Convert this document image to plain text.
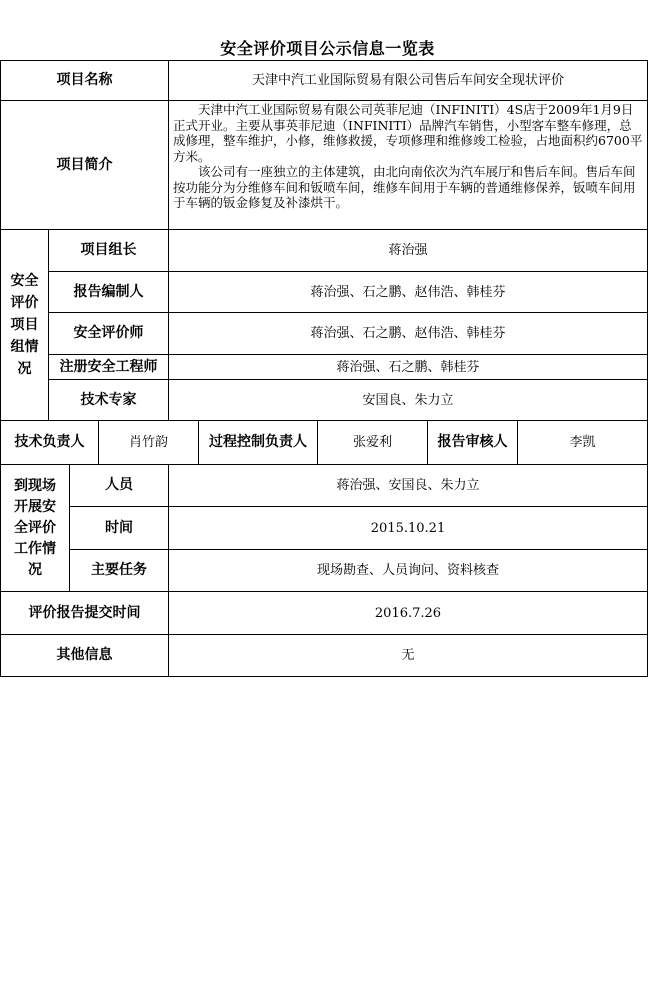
安全评价项目公示信息一览表
项目名称	天津中汽工业国际贸易有限公司售后车间安全现状评价
项目简介

天津中汽工业国际贸易有限公司英菲尼迪（INFINITI）4S店于2009年1月9日正式开业。主要从事英菲尼迪（INFINITI）品牌汽车销售，小型客车整车修理，总成修理，整车维护，小修，维修救援，专项修理和维修竣工检验，占地面积约6700平方米。

该公司有一座独立的主体建筑，由北向南依次为汽车展厅和售后车间。售后车间按功能分为分维修车间和钣喷车间，维修车间用于车辆的普通维修保养，钣喷车间用于车辆的钣金修复及补漆烘干。

安全评价项目组情况
项目组长	蒋治强
报告编制人	蒋治强、石之鹏、赵伟浩、韩桂芬
安全评价师	蒋治强、石之鹏、赵伟浩、韩桂芬
注册安全工程师	蒋治强、石之鹏、韩桂芬
技术专家	安国良、朱力立
技术负责人	肖竹韵	过程控制负责人	张爱利	报告审核人	李凯
到现场开展安全评价工作情况
人员	蒋治强、安国良、朱力立
时间	2015.10.21
主要任务	现场勘查、人员询问、资料核查
评价报告提交时间	2016.7.26
其他信息	无
